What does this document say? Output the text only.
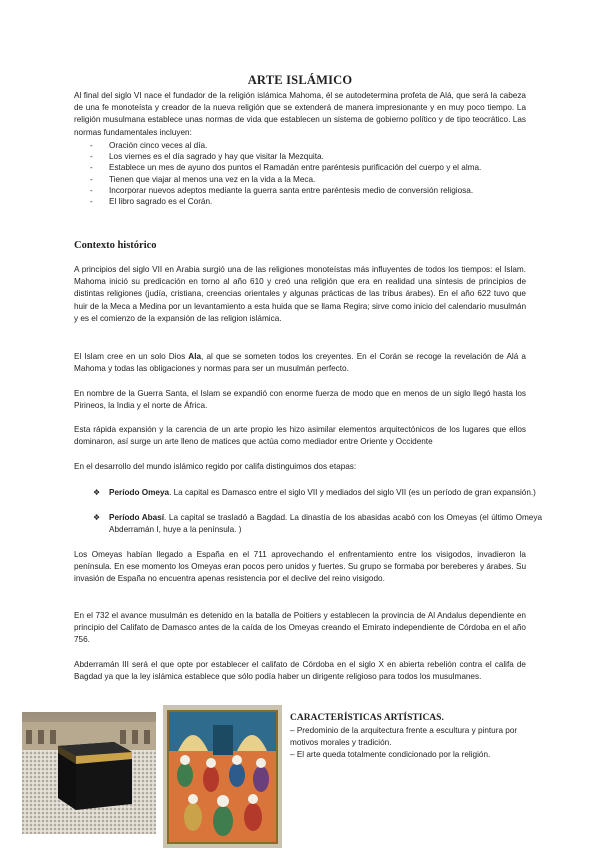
ARTE ISLÁMICO
Al final del siglo VI nace el fundador de la religión islámica Mahoma, él se autodetermina profeta de Alá, que será la cabeza de una fe monoteísta y creador de la nueva religión que se extenderá de manera impresionante y en muy poco tiempo. La religión musulmana establece unas normas de vida que establecen un sistema de gobierno político y de tipo teocrático. Las normas fundamentales incluyen:
- Oración cinco veces al día.
- Los viernes es el día sagrado y hay que visitar la Mezquita.
- Establece un mes de ayuno dos puntos el Ramadán entre paréntesis purificación del cuerpo y el alma.
- Tienen que viajar al menos una vez en la vida a la Meca.
- Incorporar nuevos adeptos mediante la guerra santa entre paréntesis medio de conversión religiosa.
- El libro sagrado es el Corán.
Contexto histórico
A principios del siglo VII en Arabia surgió una de las religiones monoteístas más influyentes de todos los tiempos: el Islam. Mahoma inició su predicación en torno al año 610 y creó una religión que era en realidad una síntesis de principios de distintas religiones (judía, cristiana, creencias orientales y algunas prácticas de las tribus árabes). En el año 622 tuvo que huir de la Meca a Medina por un levantamiento a esta huida que se llama Regira; sirve como inicio del calendario musulmán y es el comienzo de la expansión de las religion islámica.
El Islam cree en un solo Dios Ala, al que se someten todos los creyentes. En el Corán se recoge la revelación de Alá a Mahoma y todas las obligaciones y normas para ser un musulmán perfecto.
En nombre de la Guerra Santa, el Islam se expandió con enorme fuerza de modo que en menos de un siglo llegó hasta los Pirineos, la India y el norte de África.
Esta rápida expansión y la carencia de un arte propio les hizo asimilar elementos arquitectónicos de los lugares que ellos dominaron, así surge un arte lleno de matices que actúa como mediador entre Oriente y Occidente
En el desarrollo del mundo islámico regido por califa distinguimos dos etapas:
❖ Período Omeya. La capital es Damasco entre el siglo VII y mediados del siglo VII (es un período de gran expansión.)
❖ Período Abasí. La capital se trasladó a Bagdad. La dinastía de los abasidas acabó con los Omeyas (el último Omeya Abderramán I, huye a la península. )
Los Omeyas habían llegado a España en el 711 aprovechando el enfrentamiento entre los visigodos, invadieron la península. En ese momento los Omeyas eran pocos pero unidos y fuertes. Su grupo se formaba por bereberes y árabes. Su invasión de España no encuentra apenas resistencia por el declive del reino visigodo.
En el 732 el avance musulmán es detenido en la batalla de Poitiers y establecen la provincia de Al Andalus dependiente en principio del Califato de Damasco antes de la caída de los Omeyas creando el Emirato independiente de Córdoba en el año 756.
Abderramán III será el que opte por establecer el califato de Córdoba en el siglo X en abierta rebelión contra el califa de Bagdad ya que la ley islámica establece que sólo podía haber un dirigente religioso para todos los musulmanes.
CARACTERÍSTICAS ARTÍSTICAS.
– Predominio de la arquitectura frente a escultura y pintura por motivos morales y tradición.
– El arte queda totalmente condicionado por la religión.
